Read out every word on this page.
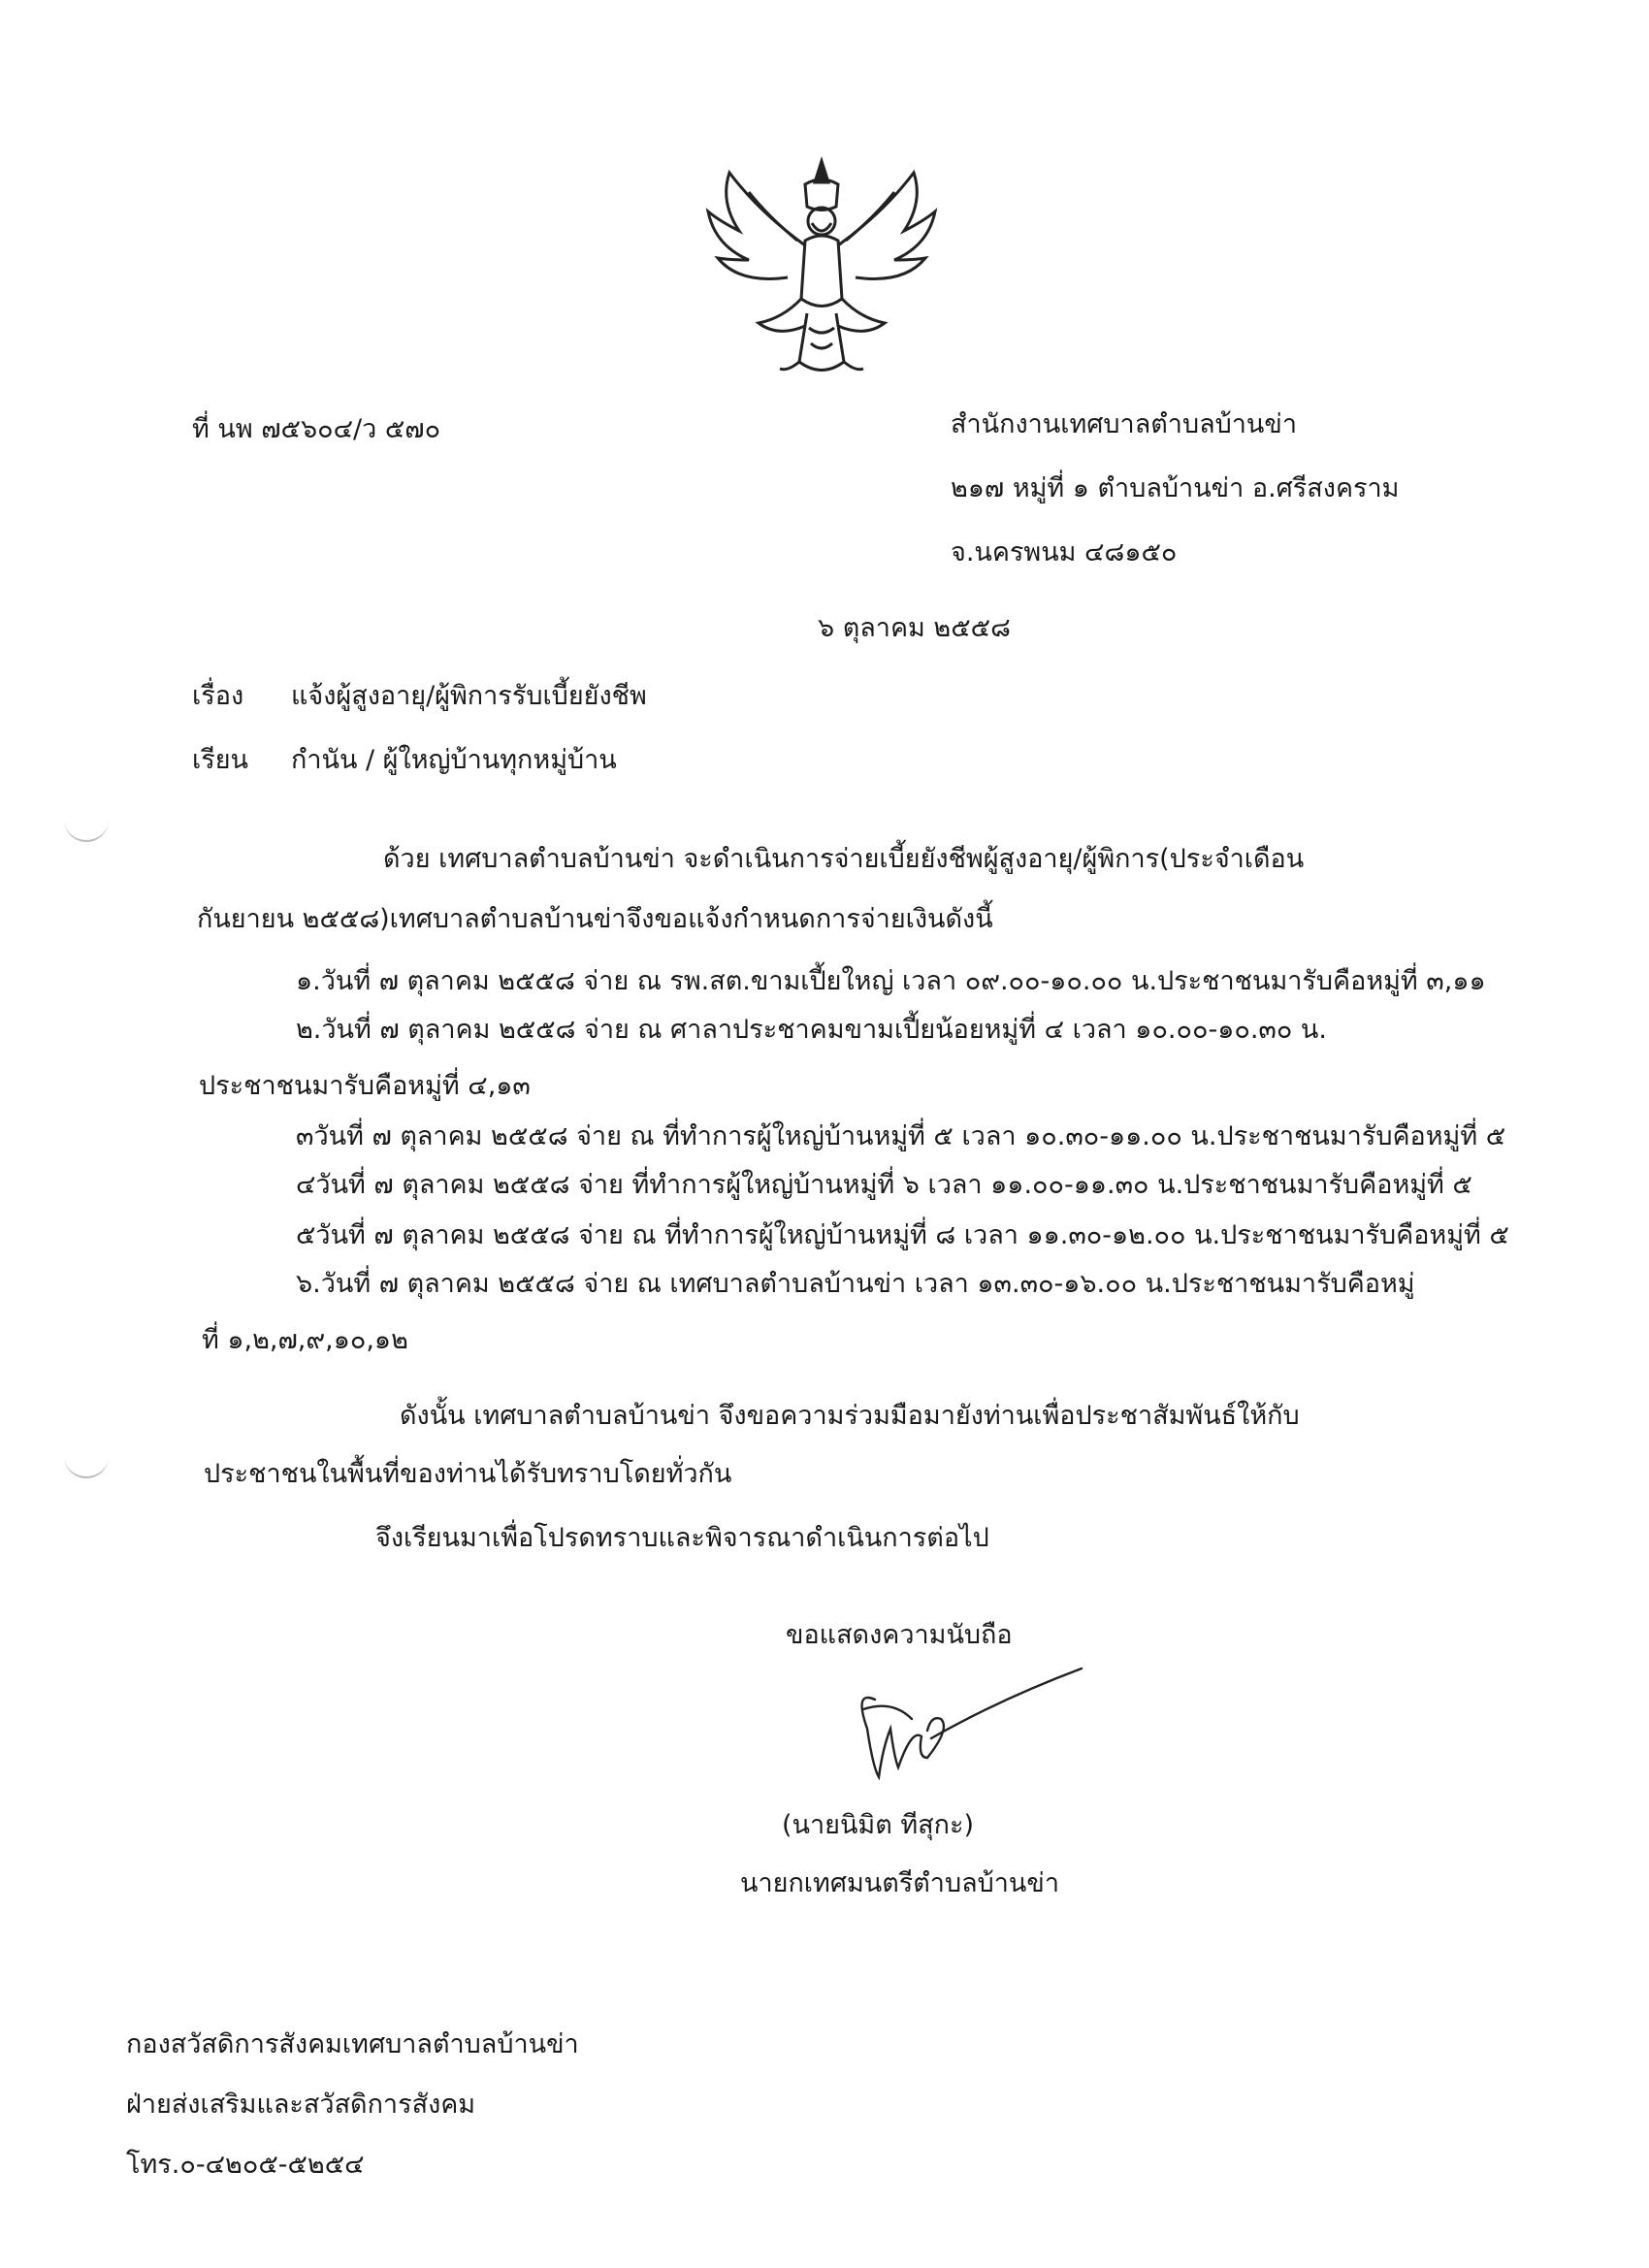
ที่ นพ ๗๕๖๐๔/ว ๕๗๐	สำนักงานเทศบาลตำบลบ้านข่า
๒๑๗ หมู่ที่ ๑ ตำบลบ้านข่า อ.ศรีสงคราม
จ.นครพนม ๔๘๑๕๐
๖ ตุลาคม ๒๕๕๘
เรื่อง แจ้งผู้สูงอายุ/ผู้พิการรับเบี้ยยังชีพ
เรียน กำนัน / ผู้ใหญ่บ้านทุกหมู่บ้าน
ด้วย เทศบาลตำบลบ้านข่า จะดำเนินการจ่ายเบี้ยยังชีพผู้สูงอายุ/ผู้พิการ(ประจำเดือน
กันยายน ๒๕๕๘)เทศบาลตำบลบ้านข่าจึงขอแจ้งกำหนดการจ่ายเงินดังนี้
๑.วันที่ ๗ ตุลาคม ๒๕๕๘ จ่าย ณ รพ.สต.ขามเปี้ยใหญ่ เวลา ๐๙.๐๐-๑๐.๐๐ น.ประชาชนมารับคือหมู่ที่ ๓,๑๑
๒.วันที่ ๗ ตุลาคม ๒๕๕๘ จ่าย ณ ศาลาประชาคมขามเปี้ยน้อยหมู่ที่ ๔ เวลา ๑๐.๐๐-๑๐.๓๐ น.
ประชาชนมารับคือหมู่ที่ ๔,๑๓
๓วันที่ ๗ ตุลาคม ๒๕๕๘ จ่าย ณ ที่ทำการผู้ใหญ่บ้านหมู่ที่ ๕ เวลา ๑๐.๓๐-๑๑.๐๐ น.ประชาชนมารับคือหมู่ที่ ๕
๔วันที่ ๗ ตุลาคม ๒๕๕๘ จ่าย ที่ทำการผู้ใหญ่บ้านหมู่ที่ ๖ เวลา ๑๑.๐๐-๑๑.๓๐ น.ประชาชนมารับคือหมู่ที่ ๕
๕วันที่ ๗ ตุลาคม ๒๕๕๘ จ่าย ณ ที่ทำการผู้ใหญ่บ้านหมู่ที่ ๘ เวลา ๑๑.๓๐-๑๒.๐๐ น.ประชาชนมารับคือหมู่ที่ ๕
๖.วันที่ ๗ ตุลาคม ๒๕๕๘ จ่าย ณ เทศบาลตำบลบ้านข่า เวลา ๑๓.๓๐-๑๖.๐๐ น.ประชาชนมารับคือหมู่
ที่ ๑,๒,๗,๙,๑๐,๑๒
ดังนั้น เทศบาลตำบลบ้านข่า จึงขอความร่วมมือมายังท่านเพื่อประชาสัมพันธ์ให้กับ
ประชาชนในพื้นที่ของท่านได้รับทราบโดยทั่วกัน
จึงเรียนมาเพื่อโปรดทราบและพิจารณาดำเนินการต่อไป
ขอแสดงความนับถือ
(นายนิมิต ทีสุกะ)
นายกเทศมนตรีตำบลบ้านข่า
กองสวัสดิการสังคมเทศบาลตำบลบ้านข่า
ฝ่ายส่งเสริมและสวัสดิการสังคม
โทร.๐-๔๒๐๕-๕๒๕๔
